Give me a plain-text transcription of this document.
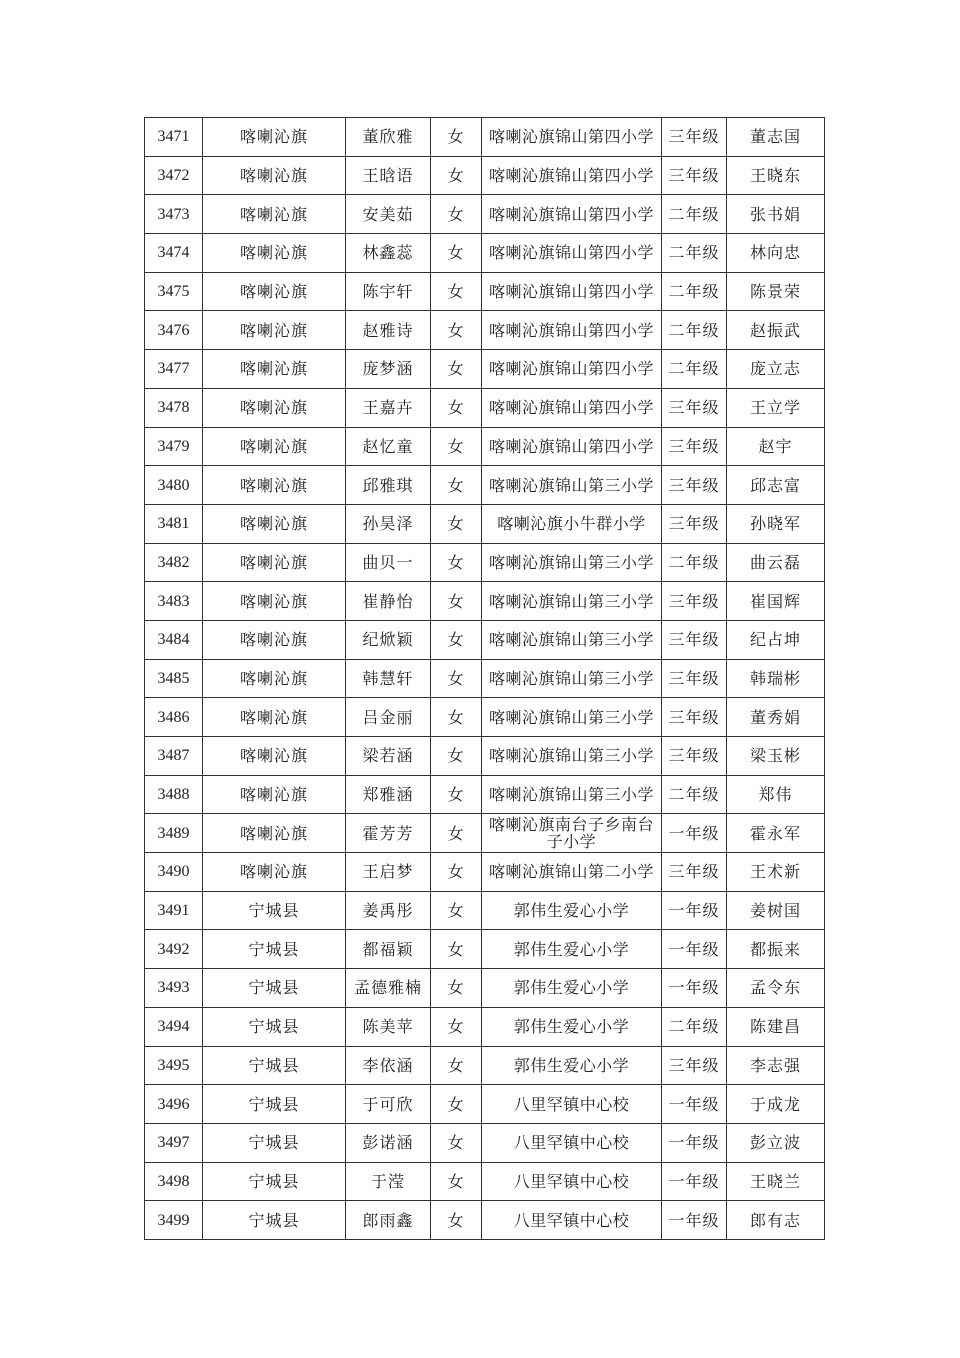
3471	喀喇沁旗	董欣雅	女	喀喇沁旗锦山第四小学	三年级	董志国
3472	喀喇沁旗	王晗语	女	喀喇沁旗锦山第四小学	三年级	王晓东
3473	喀喇沁旗	安美茹	女	喀喇沁旗锦山第四小学	二年级	张书娟
3474	喀喇沁旗	林鑫蕊	女	喀喇沁旗锦山第四小学	二年级	林向忠
3475	喀喇沁旗	陈宇轩	女	喀喇沁旗锦山第四小学	二年级	陈景荣
3476	喀喇沁旗	赵雅诗	女	喀喇沁旗锦山第四小学	二年级	赵振武
3477	喀喇沁旗	庞梦涵	女	喀喇沁旗锦山第四小学	二年级	庞立志
3478	喀喇沁旗	王嘉卉	女	喀喇沁旗锦山第四小学	三年级	王立学
3479	喀喇沁旗	赵忆童	女	喀喇沁旗锦山第四小学	三年级	赵宇
3480	喀喇沁旗	邱雅琪	女	喀喇沁旗锦山第三小学	三年级	邱志富
3481	喀喇沁旗	孙昊泽	女	喀喇沁旗小牛群小学	三年级	孙晓军
3482	喀喇沁旗	曲贝一	女	喀喇沁旗锦山第三小学	二年级	曲云磊
3483	喀喇沁旗	崔静怡	女	喀喇沁旗锦山第三小学	三年级	崔国辉
3484	喀喇沁旗	纪焮颖	女	喀喇沁旗锦山第三小学	三年级	纪占坤
3485	喀喇沁旗	韩慧轩	女	喀喇沁旗锦山第三小学	三年级	韩瑞彬
3486	喀喇沁旗	吕金丽	女	喀喇沁旗锦山第三小学	三年级	董秀娟
3487	喀喇沁旗	梁若涵	女	喀喇沁旗锦山第三小学	三年级	梁玉彬
3488	喀喇沁旗	郑雅涵	女	喀喇沁旗锦山第三小学	二年级	郑伟
3489	喀喇沁旗	霍芳芳	女	喀喇沁旗南台子乡南台子小学	一年级	霍永军
3490	喀喇沁旗	王启梦	女	喀喇沁旗锦山第二小学	三年级	王术新
3491	宁城县	姜禹彤	女	郭伟生爱心小学	一年级	姜树国
3492	宁城县	都福颖	女	郭伟生爱心小学	一年级	都振来
3493	宁城县	孟德雅楠	女	郭伟生爱心小学	一年级	孟令东
3494	宁城县	陈美苹	女	郭伟生爱心小学	二年级	陈建昌
3495	宁城县	李依涵	女	郭伟生爱心小学	三年级	李志强
3496	宁城县	于可欣	女	八里罕镇中心校	一年级	于成龙
3497	宁城县	彭诺涵	女	八里罕镇中心校	一年级	彭立波
3498	宁城县	于滢	女	八里罕镇中心校	一年级	王晓兰
3499	宁城县	郎雨鑫	女	八里罕镇中心校	一年级	郎有志
